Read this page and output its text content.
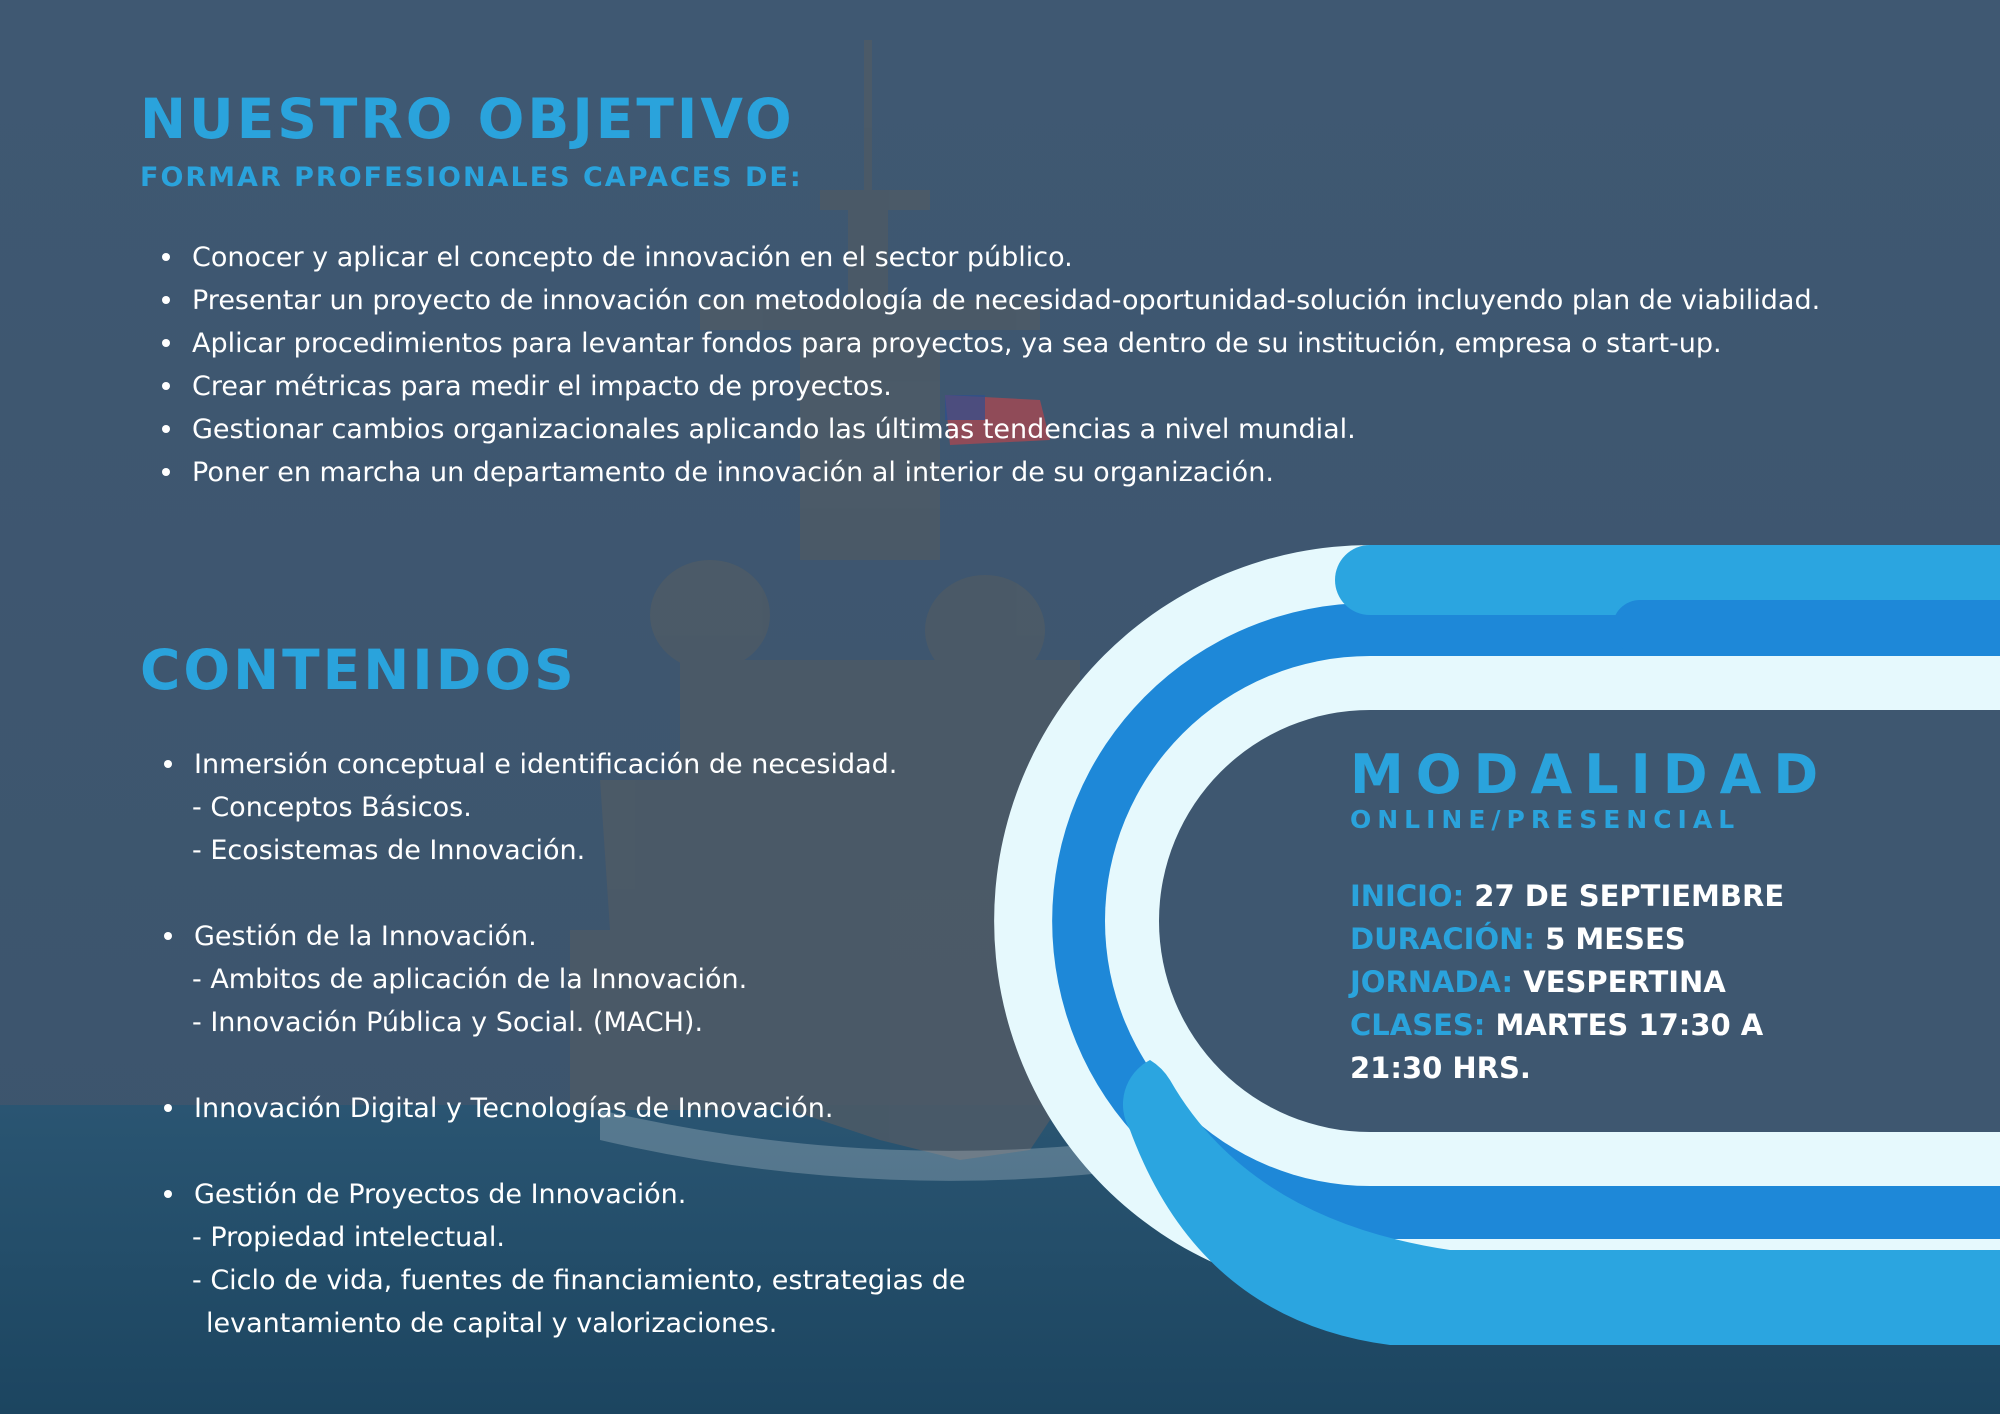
NUESTRO OBJETIVO
FORMAR PROFESIONALES CAPACES DE:
Conocer y aplicar el concepto de innovación en el sector público.
Presentar un proyecto de innovación con metodología de necesidad-oportunidad-solución incluyendo plan de viabilidad.
Aplicar procedimientos para levantar fondos para proyectos, ya sea dentro de su institución, empresa o start-up.
Crear métricas para medir el impacto de proyectos.
Gestionar cambios organizacionales aplicando las últimas tendencias a nivel mundial.
Poner en marcha un departamento de innovación al interior de su organización.
CONTENIDOS
Inmersión conceptual e identificación de necesidad.
- Conceptos Básicos.
- Ecosistemas de Innovación.
Gestión de la Innovación.
- Ambitos de aplicación de la Innovación.
- Innovación Pública y Social. (MACH).
Innovación Digital y Tecnologías de Innovación.
Gestión de Proyectos de Innovación.
- Propiedad intelectual.
- Ciclo de vida, fuentes de financiamiento, estrategias de
levantamiento de capital y valorizaciones.
MODALIDAD
ONLINE/PRESENCIAL
INICIO: 27 DE SEPTIEMBRE
DURACIÓN: 5 MESES
JORNADA: VESPERTINA
CLASES: MARTES 17:30 A 21:30 HRS.
